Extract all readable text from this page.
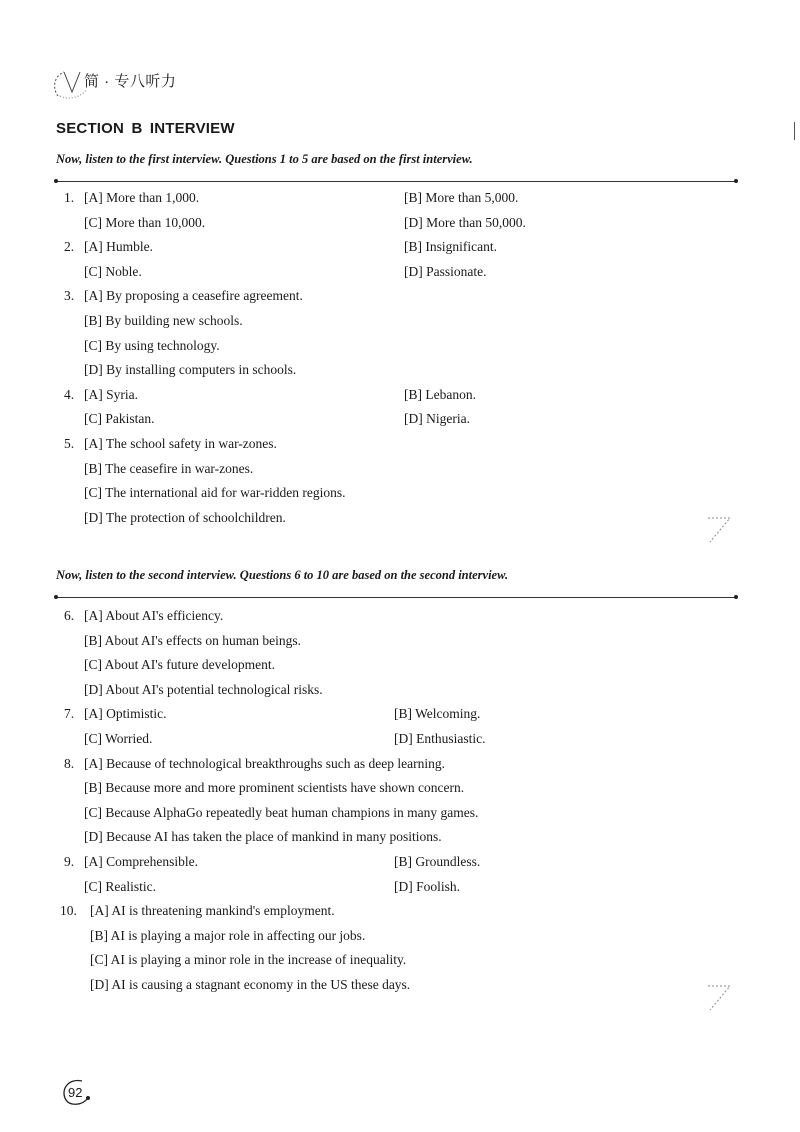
简 · 专八听力
SECTION B INTERVIEW
Now, listen to the first interview. Questions 1 to 5 are based on the first interview.
Now, listen to the second interview. Questions 6 to 10 are based on the second interview.
1. [A] More than 1,000.	[B] More than 5,000.
[C] More than 10,000.	[D] More than 50,000.
2. [A] Humble.	[B] Insignificant.
[C] Noble.	[D] Passionate.
3. [A] By proposing a ceasefire agreement.
[B] By building new schools.
[C] By using technology.
[D] By installing computers in schools.
4. [A] Syria.	[B] Lebanon.
[C] Pakistan.	[D] Nigeria.
5. [A] The school safety in war-zones.
[B] The ceasefire in war-zones.
[C] The international aid for war-ridden regions.
[D] The protection of schoolchildren.
6. [A] About AI's efficiency.
[B] About AI's effects on human beings.
[C] About AI's future development.
[D] About AI's potential technological risks.
7. [A] Optimistic.	[B] Welcoming.
[C] Worried.	[D] Enthusiastic.
8. [A] Because of technological breakthroughs such as deep learning.
[B] Because more and more prominent scientists have shown concern.
[C] Because AlphaGo repeatedly beat human champions in many games.
[D] Because AI has taken the place of mankind in many positions.
9. [A] Comprehensible.	[B] Groundless.
[C] Realistic.	[D] Foolish.
10. [A] AI is threatening mankind's employment.
[B] AI is playing a major role in affecting our jobs.
[C] AI is playing a minor role in the increase of inequality.
[D] AI is causing a stagnant economy in the US these days.
92
